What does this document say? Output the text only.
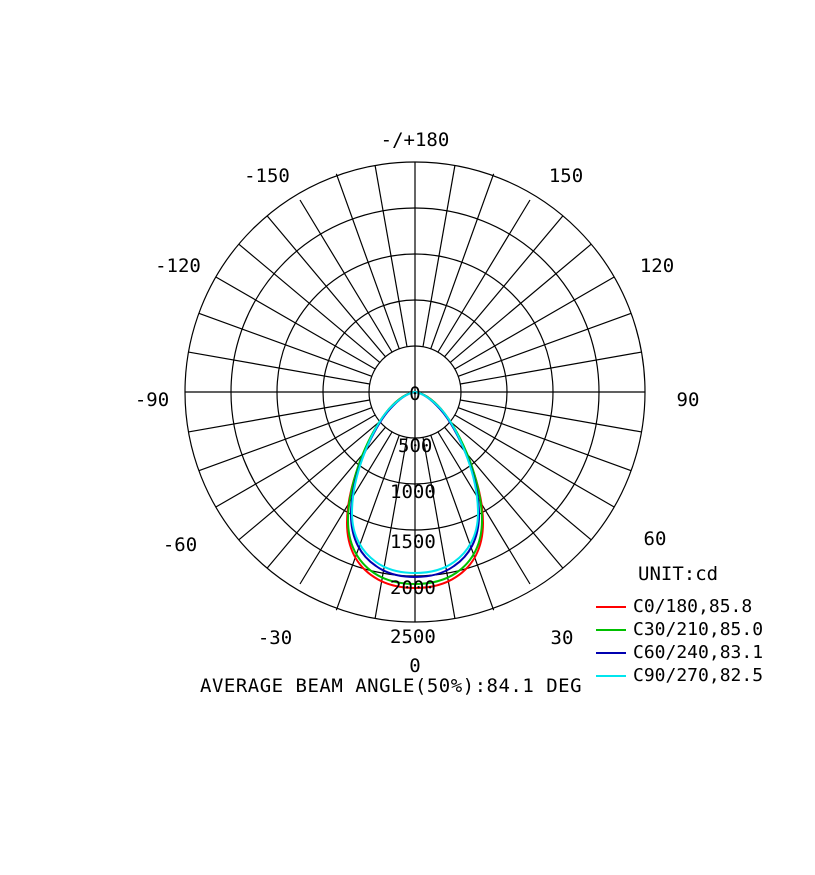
-/+180
-150	150
-120	120
-90	90
-60	60
-30	30
0
0
500
1000
1500
2000
2500
AVERAGE BEAM ANGLE(50%):84.1 DEG
UNIT:cd
C0/180,85.8
C30/210,85.0
C60/240,83.1
C90/270,82.5
